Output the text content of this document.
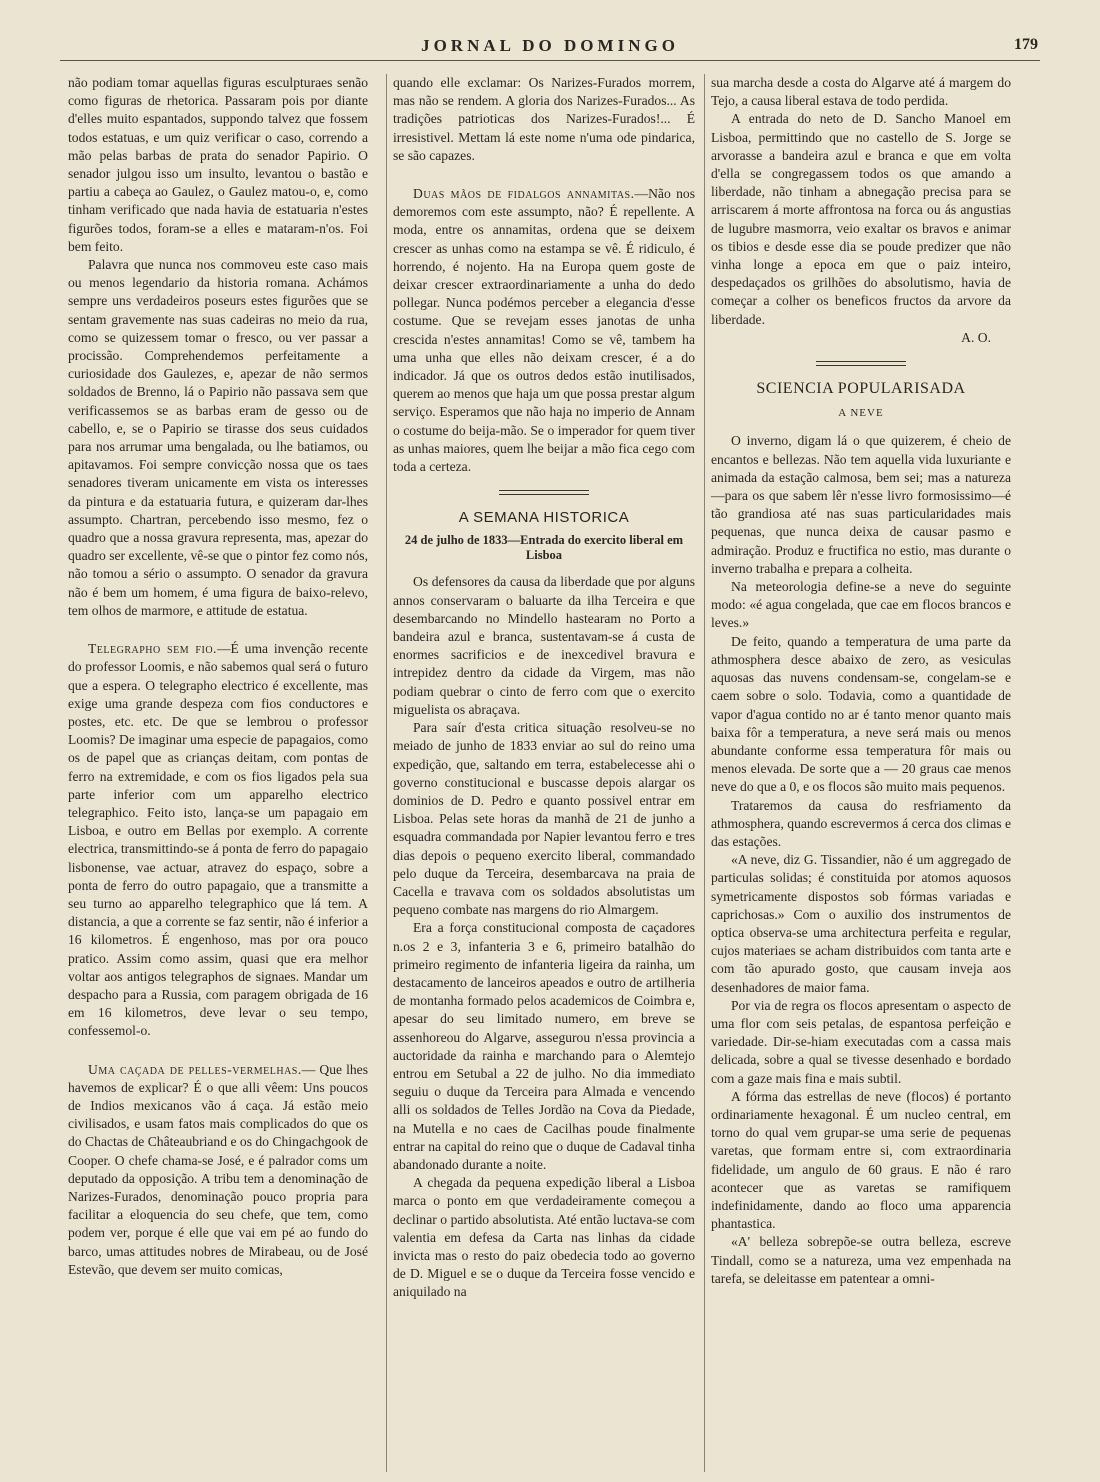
JORNAL DO DOMINGO	179

não podiam tomar aquellas figuras esculpturaes senão como figuras de rhetorica. Passaram pois por diante d'elles muito espantados, suppondo talvez que fossem todos estatuas, e um quiz verificar o caso, correndo a mão pelas barbas de prata do senador Papirio. O senador julgou isso um insulto, levantou o bastão e partiu a cabeça ao Gaulez, o Gaulez matou-o, e, como tinham verificado que nada havia de estatuaria n'estes figurões todos, foram-se a elles e mataram-n'os. Foi bem feito.

Palavra que nunca nos commoveu este caso mais ou menos legendario da historia romana. Achámos sempre uns verdadeiros poseurs estes figurões que se sentam gravemente nas suas cadeiras no meio da rua, como se quizessem tomar o fresco, ou ver passar a procissão. Comprehendemos perfeitamente a curiosidade dos Gaulezes, e, apezar de não sermos soldados de Brenno, lá o Papirio não passava sem que verificassemos se as barbas eram de gesso ou de cabello, e, se o Papirio se tirasse dos seus cuidados para nos arrumar uma bengalada, ou lhe batiamos, ou apitavamos. Foi sempre convicção nossa que os taes senadores tiveram unicamente em vista os interesses da pintura e da estatuaria futura, e quizeram dar-lhes assumpto. Chartran, percebendo isso mesmo, fez o quadro que a nossa gravura representa, mas, apezar do quadro ser excellente, vê-se que o pintor fez como nós, não tomou a sério o assumpto. O senador da gravura não é bem um homem, é uma figura de baixo-relevo, tem olhos de marmore, e attitude de estatua.

Telegrapho sem fio.—É uma invenção recente do professor Loomis, e não sabemos qual será o futuro que a espera. O telegrapho electrico é excellente, mas exige uma grande despeza com fios conductores e postes, etc. etc. De que se lembrou o professor Loomis? De imaginar uma especie de papagaios, como os de papel que as crianças deitam, com pontas de ferro na extremidade, e com os fios ligados pela sua parte inferior com um apparelho electrico telegraphico. Feito isto, lança-se um papagaio em Lisboa, e outro em Bellas por exemplo. A corrente electrica, transmittindo-se á ponta de ferro do papagaio lisbonense, vae actuar, atravez do espaço, sobre a ponta de ferro do outro papagaio, que a transmitte a seu turno ao apparelho telegraphico que lá tem. A distancia, a que a corrente se faz sentir, não é inferior a 16 kilometros. É engenhoso, mas por ora pouco pratico. Assim como assim, quasi que era melhor voltar aos antigos telegraphos de signaes. Mandar um despacho para a Russia, com paragem obrigada de 16 em 16 kilometros, deve levar o seu tempo, confessemol-o.

Uma caçada de pelles-vermelhas.— Que lhes havemos de explicar? É o que alli vêem: Uns poucos de Indios mexicanos vão á caça. Já estão meio civilisados, e usam fatos mais complicados do que os do Chactas de Châteaubriand e os do Chingachgook de Cooper. O chefe chama-se José, e é palrador coms um deputado da opposição. A tribu tem a denominação de Narizes-Furados, denominação pouco propria para facilitar a eloquencia do seu chefe, que tem, como podem ver, porque é elle que vai em pé ao fundo do barco, umas attitudes nobres de Mirabeau, ou de José Estevão, que devem ser muito comicas,

quando elle exclamar: Os Narizes-Furados morrem, mas não se rendem. A gloria dos Narizes-Furados... As tradições patrioticas dos Narizes-Furados!... É irresistivel. Mettam lá este nome n'uma ode pindarica, se são capazes.

Duas mãos de fidalgos annamitas.—Não nos demoremos com este assumpto, não? É repellente. A moda, entre os annamitas, ordena que se deixem crescer as unhas como na estampa se vê. É ridiculo, é horrendo, é nojento. Ha na Europa quem goste de deixar crescer extraordinariamente a unha do dedo pollegar. Nunca podémos perceber a elegancia d'esse costume. Que se revejam esses janotas de unha crescida n'estes annamitas! Como se vê, tambem ha uma unha que elles não deixam crescer, é a do indicador. Já que os outros dedos estão inutilisados, querem ao menos que haja um que possa prestar algum serviço. Esperamos que não haja no imperio de Annam o costume do beija-mão. Se o imperador for quem tiver as unhas maiores, quem lhe beijar a mão fica cego com toda a certeza.

A SEMANA HISTORICA
24 de julho de 1833—Entrada do exercito liberal em Lisboa

Os defensores da causa da liberdade que por alguns annos conservaram o baluarte da ilha Terceira e que desembarcando no Mindello hastearam no Porto a bandeira azul e branca, sustentavam-se á custa de enormes sacrificios e de inexcedivel bravura e intrepidez dentro da cidade da Virgem, mas não podiam quebrar o cinto de ferro com que o exercito miguelista os abraçava.

Para saír d'esta critica situação resolveu-se no meiado de junho de 1833 enviar ao sul do reino uma expedição, que, saltando em terra, estabelecesse ahi o governo constitucional e buscasse depois alargar os dominios de D. Pedro e quanto possivel entrar em Lisboa. Pelas sete horas da manhã de 21 de junho a esquadra commandada por Napier levantou ferro e tres dias depois o pequeno exercito liberal, commandado pelo duque da Terceira, desembarcava na praia de Cacella e travava com os soldados absolutistas um pequeno combate nas margens do rio Almargem.

Era a força constitucional composta de caçadores n.os 2 e 3, infanteria 3 e 6, primeiro batalhão do primeiro regimento de infanteria ligeira da rainha, um destacamento de lanceiros apeados e outro de artilheria de montanha formado pelos academicos de Coimbra e, apesar do seu limitado numero, em breve se assenhoreou do Algarve, assegurou n'essa provincia a auctoridade da rainha e marchando para o Alemtejo entrou em Setubal a 22 de julho. No dia immediato seguiu o duque da Terceira para Almada e vencendo alli os soldados de Telles Jordão na Cova da Piedade, na Mutella e no caes de Cacilhas poude finalmente entrar na capital do reino que o duque de Cadaval tinha abandonado durante a noite.

A chegada da pequena expedição liberal a Lisboa marca o ponto em que verdadeiramente começou a declinar o partido absolutista. Até então luctava-se com valentia em defesa da Carta nas linhas da cidade invicta mas o resto do paiz obedecia todo ao governo de D. Miguel e se o duque da Terceira fosse vencido e aniquilado na

sua marcha desde a costa do Algarve até á margem do Tejo, a causa liberal estava de todo perdida.

A entrada do neto de D. Sancho Manoel em Lisboa, permittindo que no castello de S. Jorge se arvorasse a bandeira azul e branca e que em volta d'ella se congregassem todos os que amando a liberdade, não tinham a abnegação precisa para se arriscarem á morte affrontosa na forca ou ás angustias de lugubre masmorra, veio exaltar os bravos e animar os tibios e desde esse dia se poude predizer que não vinha longe a epoca em que o paiz inteiro, despedaçados os grilhões do absolutismo, havia de começar a colher os beneficos fructos da arvore da liberdade.

A. O.

SCIENCIA POPULARISADA
A NEVE

O inverno, digam lá o que quizerem, é cheio de encantos e bellezas. Não tem aquella vida luxuriante e animada da estação calmosa, bem sei; mas a natureza—para os que sabem lêr n'esse livro formosissimo—é tão grandiosa até nas suas particularidades mais pequenas, que nunca deixa de causar pasmo e admiração. Produz e fructifica no estio, mas durante o inverno trabalha e prepara a colheita.

Na meteorologia define-se a neve do seguinte modo: «é agua congelada, que cae em flocos brancos e leves.»

De feito, quando a temperatura de uma parte da athmosphera desce abaixo de zero, as vesiculas aquosas das nuvens condensam-se, congelam-se e caem sobre o solo. Todavia, como a quantidade de vapor d'agua contido no ar é tanto menor quanto mais baixa fôr a temperatura, a neve será mais ou menos abundante conforme essa temperatura fôr mais ou menos elevada. De sorte que a — 20 graus cae menos neve do que a 0, e os flocos são muito mais pequenos.

Trataremos da causa do resfriamento da athmosphera, quando escrevermos á cerca dos climas e das estações.

«A neve, diz G. Tissandier, não é um aggregado de particulas solidas; é constituida por atomos aquosos symetricamente dispostos sob fórmas variadas e caprichosas.» Com o auxilio dos instrumentos de optica observa-se uma architectura perfeita e regular, cujos materiaes se acham distribuidos com tanta arte e com tão apurado gosto, que causam inveja aos desenhadores de maior fama.

Por via de regra os flocos apresentam o aspecto de uma flor com seis petalas, de espantosa perfeição e variedade. Dir-se-hiam executadas com a cassa mais delicada, sobre a qual se tivesse desenhado e bordado com a gaze mais fina e mais subtil.

A fórma das estrellas de neve (flocos) é portanto ordinariamente hexagonal. É um nucleo central, em torno do qual vem grupar-se uma serie de pequenas varetas, que formam entre si, com extraordinaria fidelidade, um angulo de 60 graus. E não é raro acontecer que as varetas se ramifiquem indefinidamente, dando ao floco uma apparencia phantastica.

«A' belleza sobrepõe-se outra belleza, escreve Tindall, como se a natureza, uma vez empenhada na tarefa, se deleitasse em patentear a omni-
